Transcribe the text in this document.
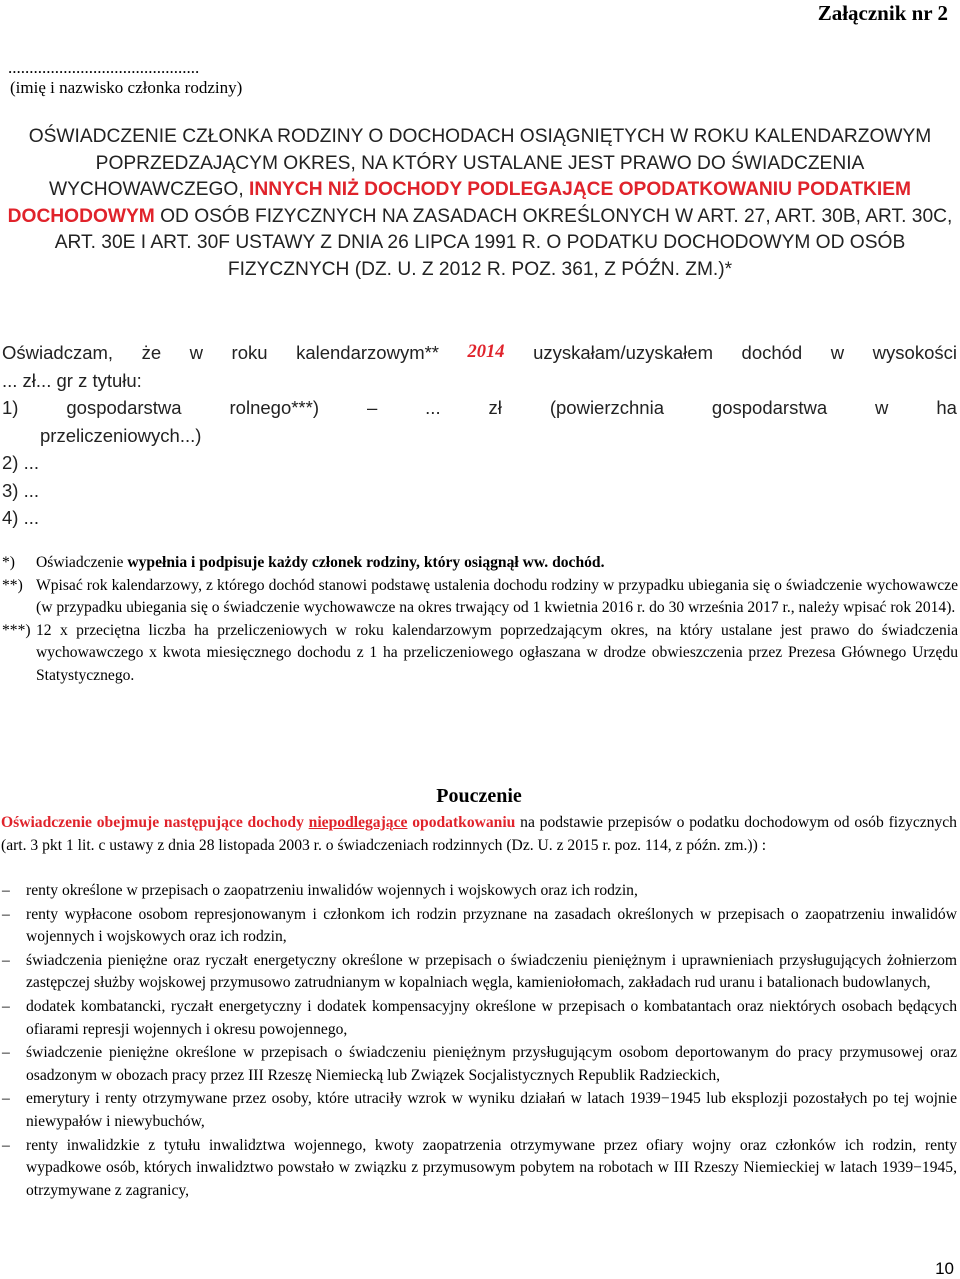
Załącznik nr 2
.............................................
(imię i nazwisko członka rodziny)
OŚWIADCZENIE CZŁONKA RODZINY O DOCHODACH OSIĄGNIĘTYCH W ROKU KALENDARZOWYM POPRZEDZAJĄCYM OKRES, NA KTÓRY USTALANE JEST PRAWO DO ŚWIADCZENIA WYCHOWAWCZEGO, INNYCH NIŻ DOCHODY PODLEGAJĄCE OPODATKOWANIU PODATKIEM DOCHODOWYM OD OSÓB FIZYCZNYCH NA ZASADACH OKREŚLONYCH W ART. 27, ART. 30B, ART. 30C, ART. 30E I ART. 30F USTAWY Z DNIA 26 LIPCA 1991 R. O PODATKU DOCHODOWYM OD OSÓB FIZYCZNYCH (DZ. U. Z 2012 R. POZ. 361, Z PÓŹN. ZM.)*
Oświadczam, że w roku kalendarzowym** 2014 uzyskałam/uzyskałem dochód w wysokości
... zł... gr z tytułu:
1)	gospodarstwa	rolnego***)	–	...	zł	(powierzchnia	gospodarstwa	w	ha
przeliczeniowych...)
2) ...
3) ...
4) ...
*) Oświadczenie wypełnia i podpisuje każdy członek rodziny, który osiągnął ww. dochód.
**) Wpisać rok kalendarzowy, z którego dochód stanowi podstawę ustalenia dochodu rodziny w przypadku ubiegania się o świadczenie wychowawcze (w przypadku ubiegania się o świadczenie wychowawcze na okres trwający od 1 kwietnia 2016 r. do 30 września 2017 r., należy wpisać rok 2014).
***) 12 x przeciętna liczba ha przeliczeniowych w roku kalendarzowym poprzedzającym okres, na który ustalane jest prawo do świadczenia wychowawczego x kwota miesięcznego dochodu z 1 ha przeliczeniowego ogłaszana w drodze obwieszczenia przez Prezesa Głównego Urzędu Statystycznego.
Pouczenie
Oświadczenie obejmuje następujące dochody niepodlegające opodatkowaniu na podstawie przepisów o podatku dochodowym od osób fizycznych (art. 3 pkt 1 lit. c ustawy z dnia 28 listopada 2003 r. o świadczeniach rodzinnych (Dz. U. z 2015 r. poz. 114, z późn. zm.)) :
– renty określone w przepisach o zaopatrzeniu inwalidów wojennych i wojskowych oraz ich rodzin,
– renty wypłacone osobom represjonowanym i członkom ich rodzin przyznane na zasadach określonych w przepisach o zaopatrzeniu inwalidów wojennych i wojskowych oraz ich rodzin,
– świadczenia pieniężne oraz ryczałt energetyczny określone w przepisach o świadczeniu pieniężnym i uprawnieniach przysługujących żołnierzom zastępczej służby wojskowej przymusowo zatrudnianym w kopalniach węgla, kamieniołomach, zakładach rud uranu i batalionach budowlanych,
– dodatek kombatancki, ryczałt energetyczny i dodatek kompensacyjny określone w przepisach o kombatantach oraz niektórych osobach będących ofiarami represji wojennych i okresu powojennego,
– świadczenie pieniężne określone w przepisach o świadczeniu pieniężnym przysługującym osobom deportowanym do pracy przymusowej oraz osadzonym w obozach pracy przez III Rzeszę Niemiecką lub Związek Socjalistycznych Republik Radzieckich,
– emerytury i renty otrzymywane przez osoby, które utraciły wzrok w wyniku działań w latach 1939−1945 lub eksplozji pozostałych po tej wojnie niewypałów i niewybuchów,
– renty inwalidzkie z tytułu inwalidztwa wojennego, kwoty zaopatrzenia otrzymywane przez ofiary wojny oraz członków ich rodzin, renty wypadkowe osób, których inwalidztwo powstało w związku z przymusowym pobytem na robotach w III Rzeszy Niemieckiej w latach 1939−1945, otrzymywane z zagranicy,
10
